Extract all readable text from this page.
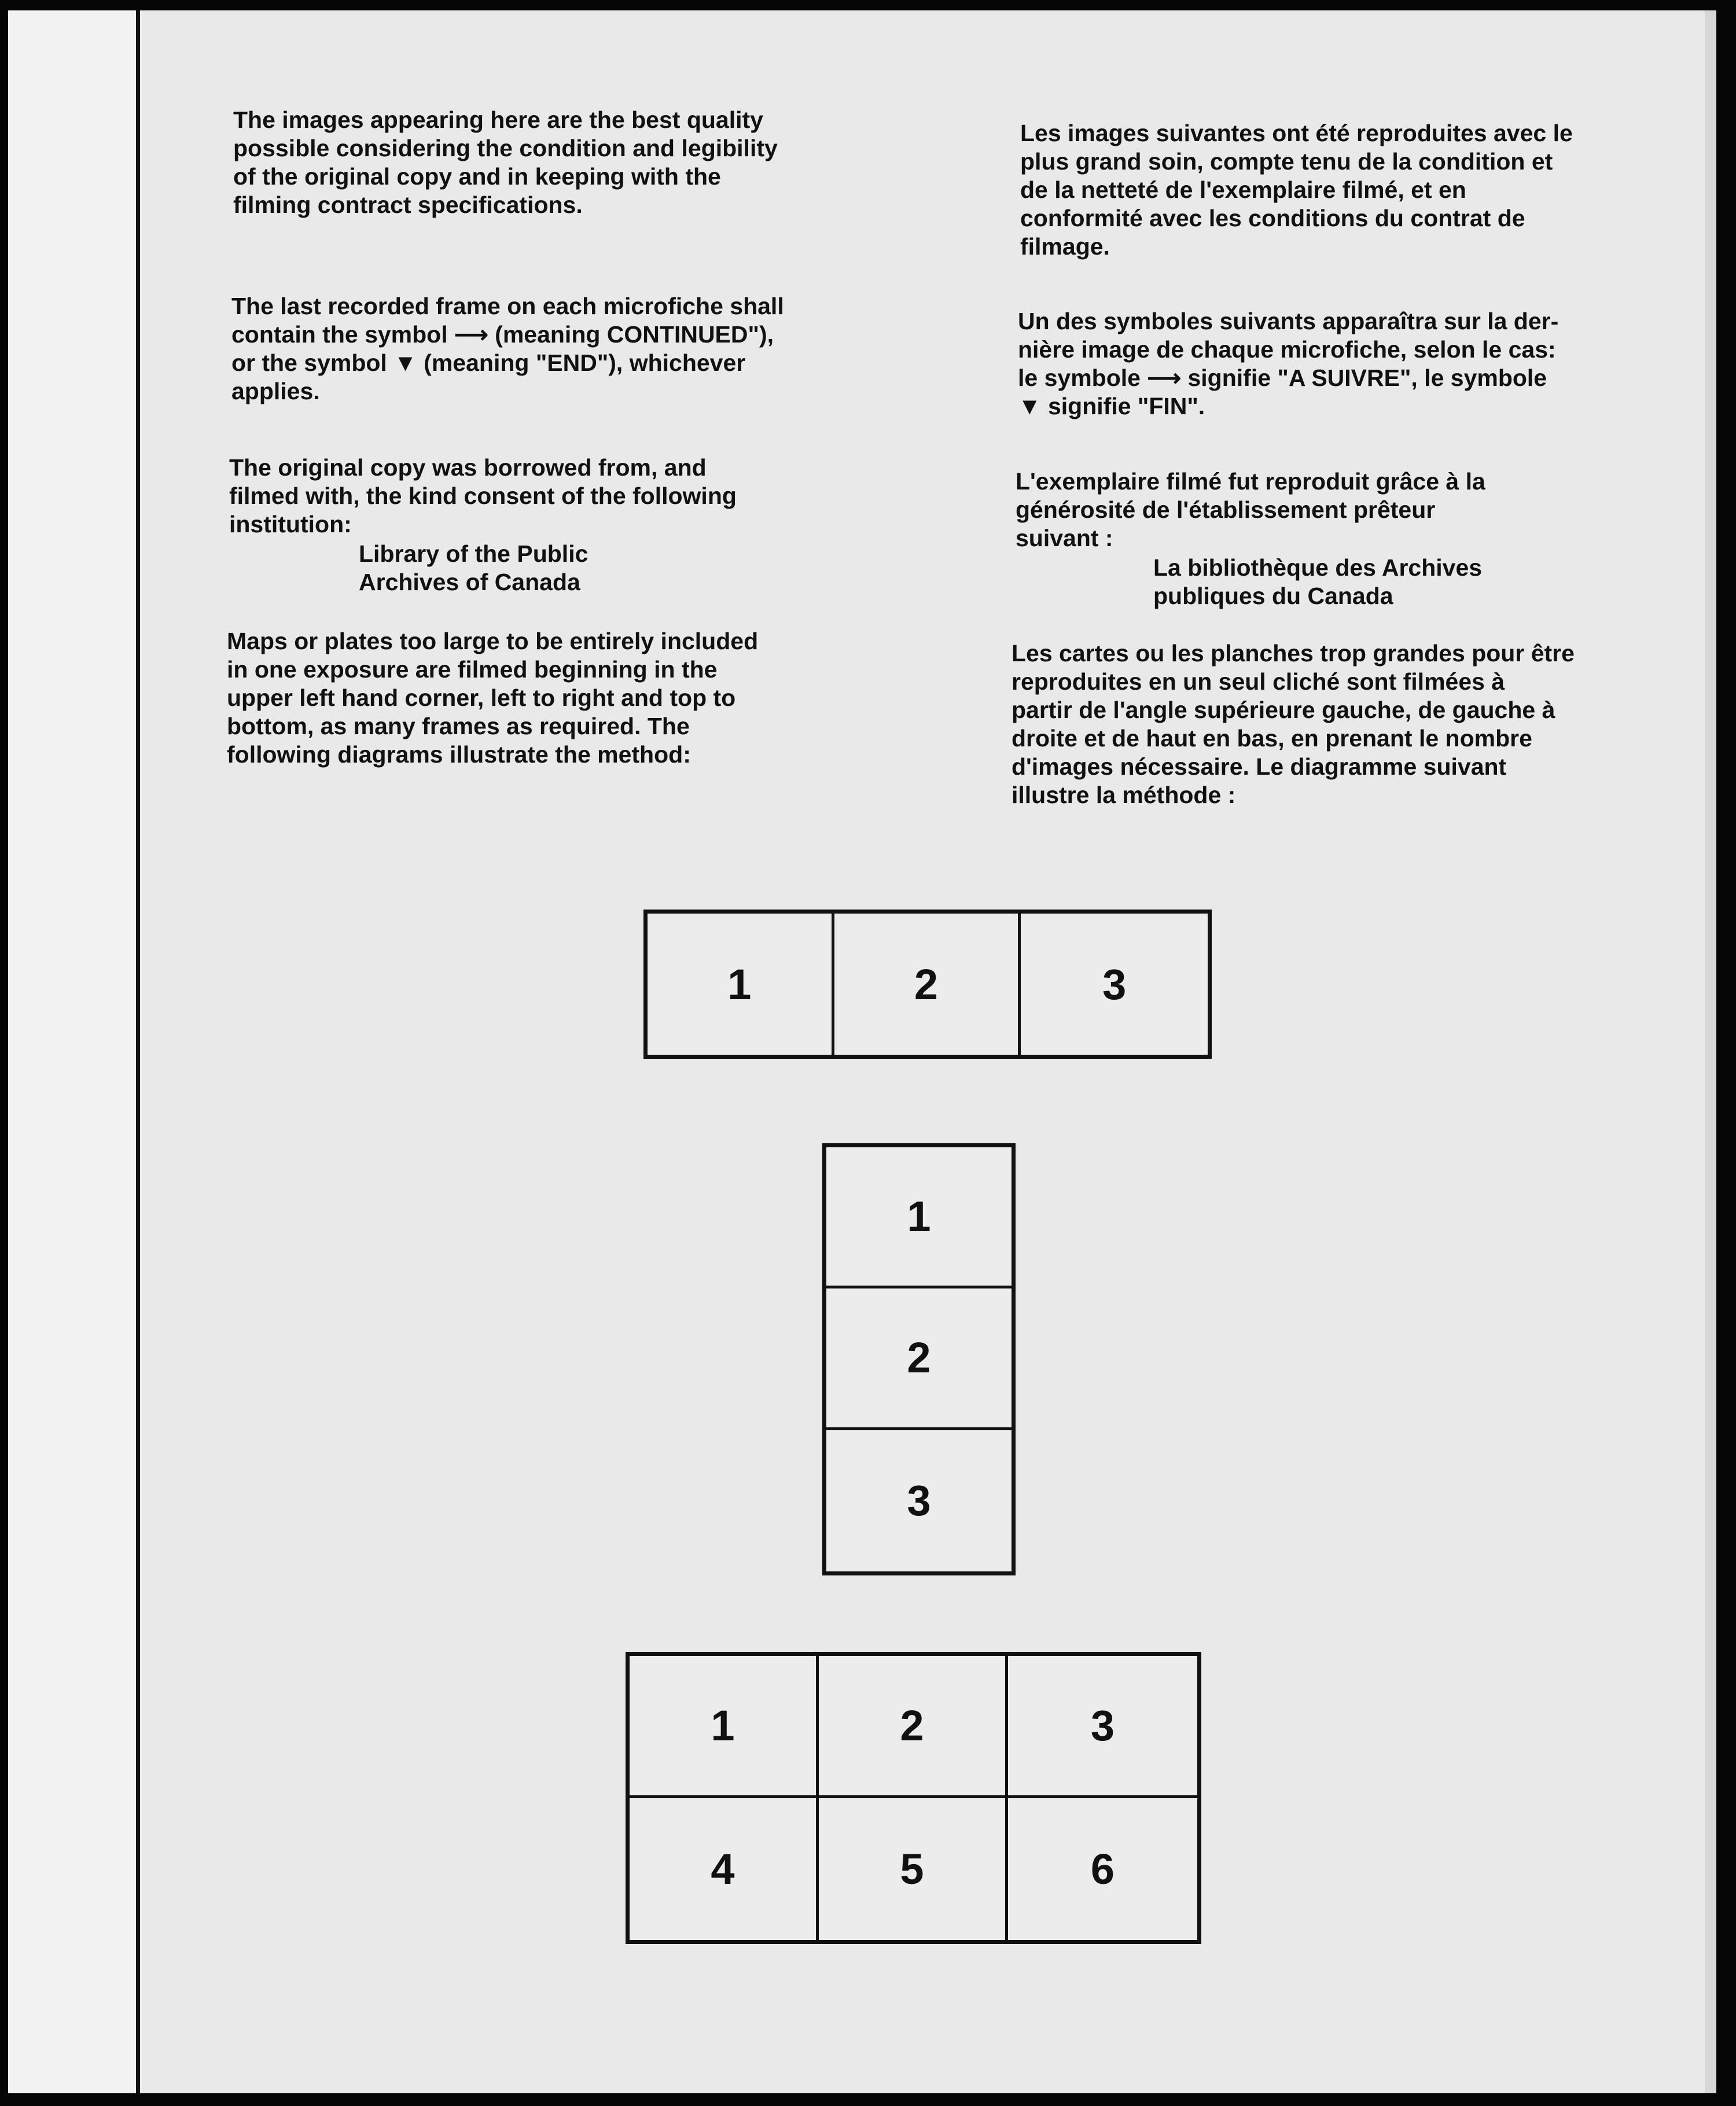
The images appearing here are the best quality
possible considering the condition and legibility
of the original copy and in keeping with the
filming contract specifications.
The last recorded frame on each microfiche shall
contain the symbol ⟶ (meaning CONTINUED"),
or the symbol ▼ (meaning "END"), whichever
applies.
The original copy was borrowed from, and
filmed with, the kind consent of the following
institution:
Library of the Public
Archives of Canada
Maps or plates too large to be entirely included
in one exposure are filmed beginning in the
upper left hand corner, left to right and top to
bottom, as many frames as required. The
following diagrams illustrate the method:
Les images suivantes ont été reproduites avec le
plus grand soin, compte tenu de la condition et
de la netteté de l'exemplaire filmé, et en
conformité avec les conditions du contrat de
filmage.
Un des symboles suivants apparaîtra sur la der-
nière image de chaque microfiche, selon le cas:
le symbole ⟶ signifie "A SUIVRE", le symbole
▼ signifie "FIN".
L'exemplaire filmé fut reproduit grâce à la
générosité de l'établissement prêteur
suivant :
La bibliothèque des Archives
publiques du Canada
Les cartes ou les planches trop grandes pour être
reproduites en un seul cliché sont filmées à
partir de l'angle supérieure gauche, de gauche à
droite et de haut en bas, en prenant le nombre
d'images nécessaire. Le diagramme suivant
illustre la méthode :
1	2	3
1
2
3
1	2	3
4	5	6
